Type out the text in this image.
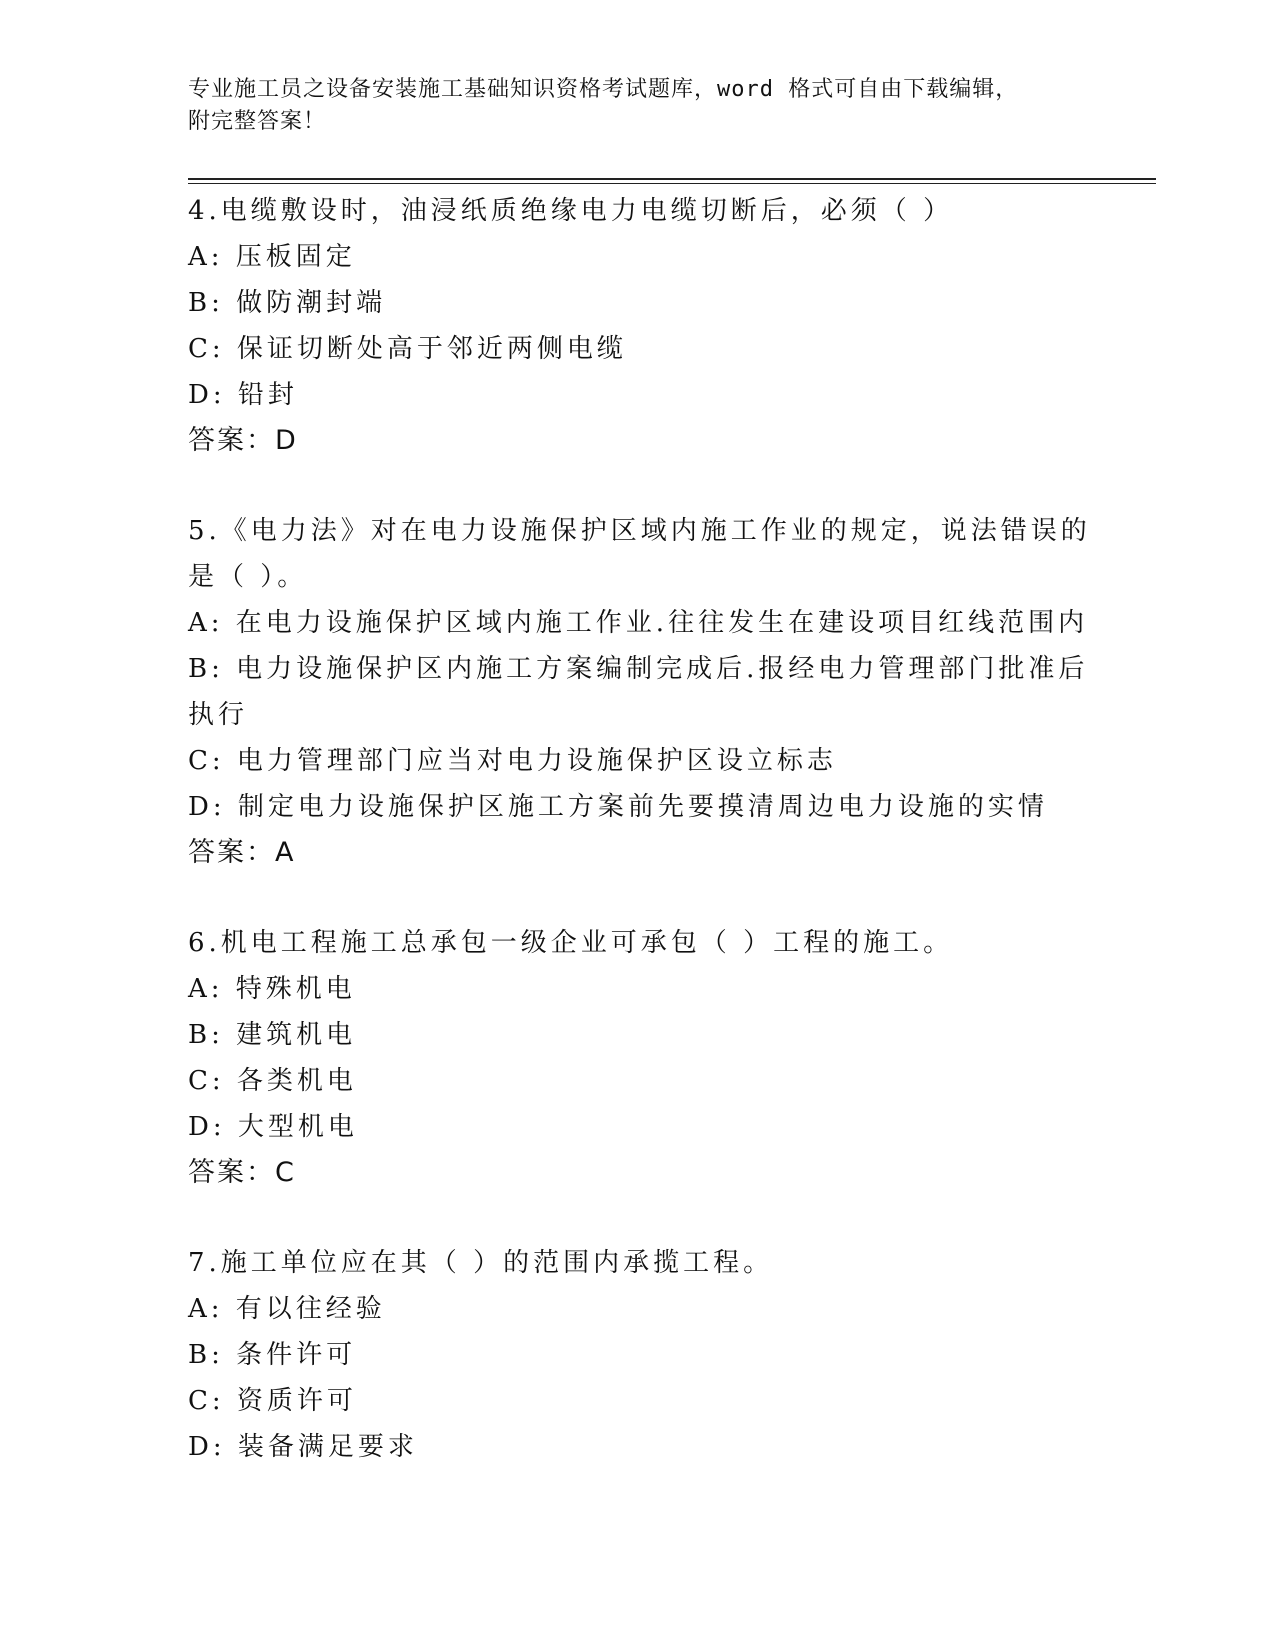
专业施工员之设备安装施工基础知识资格考试题库，word 格式可自由下载编辑，
附完整答案！
4.电缆敷设时，油浸纸质绝缘电力电缆切断后，必须（ ）
A: 压板固定
B: 做防潮封端
C: 保证切断处高于邻近两侧电缆
D: 铅封
答案：D
5.《电力法》对在电力设施保护区域内施工作业的规定，说法错误的是（ ）。
A: 在电力设施保护区域内施工作业.往往发生在建设项目红线范围内
B: 电力设施保护区内施工方案编制完成后.报经电力管理部门批准后执行
C: 电力管理部门应当对电力设施保护区设立标志
D: 制定电力设施保护区施工方案前先要摸清周边电力设施的实情
答案：A
6.机电工程施工总承包一级企业可承包（ ）工程的施工。
A: 特殊机电
B: 建筑机电
C: 各类机电
D: 大型机电
答案：C
7.施工单位应在其（ ）的范围内承揽工程。
A: 有以往经验
B: 条件许可
C: 资质许可
D: 装备满足要求
